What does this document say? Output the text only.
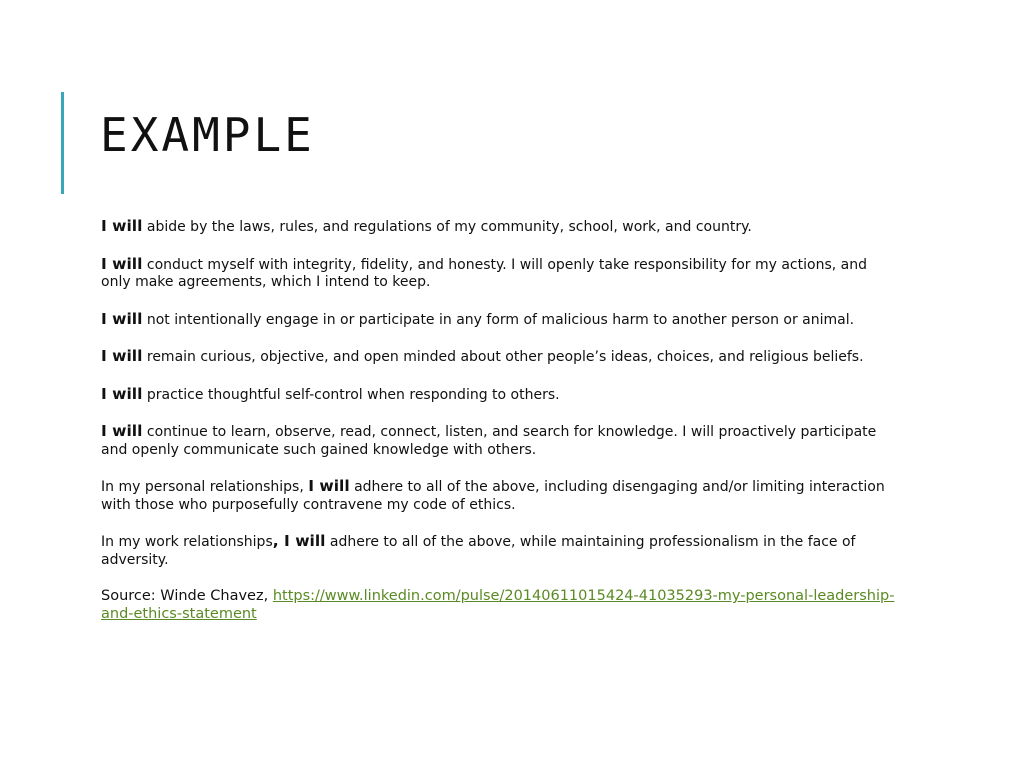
EXAMPLE

I will abide by the laws, rules, and regulations of my community, school, work, and country.

I will conduct myself with integrity, fidelity, and honesty. I will openly take responsibility for my actions, and only make agreements, which I intend to keep.

I will not intentionally engage in or participate in any form of malicious harm to another person or animal.

I will remain curious, objective, and open minded about other people’s ideas, choices, and religious beliefs.

I will practice thoughtful self-control when responding to others.

I will continue to learn, observe, read, connect, listen, and search for knowledge. I will proactively participate and openly communicate such gained knowledge with others.

In my personal relationships, I will adhere to all of the above, including disengaging and/or limiting interaction with those who purposefully contravene my code of ethics.

In my work relationships, I will adhere to all of the above, while maintaining professionalism in the face of adversity.

Source: Winde Chavez, https://www.linkedin.com/pulse/20140611015424-41035293-my-personal-leadership-and-ethics-statement
